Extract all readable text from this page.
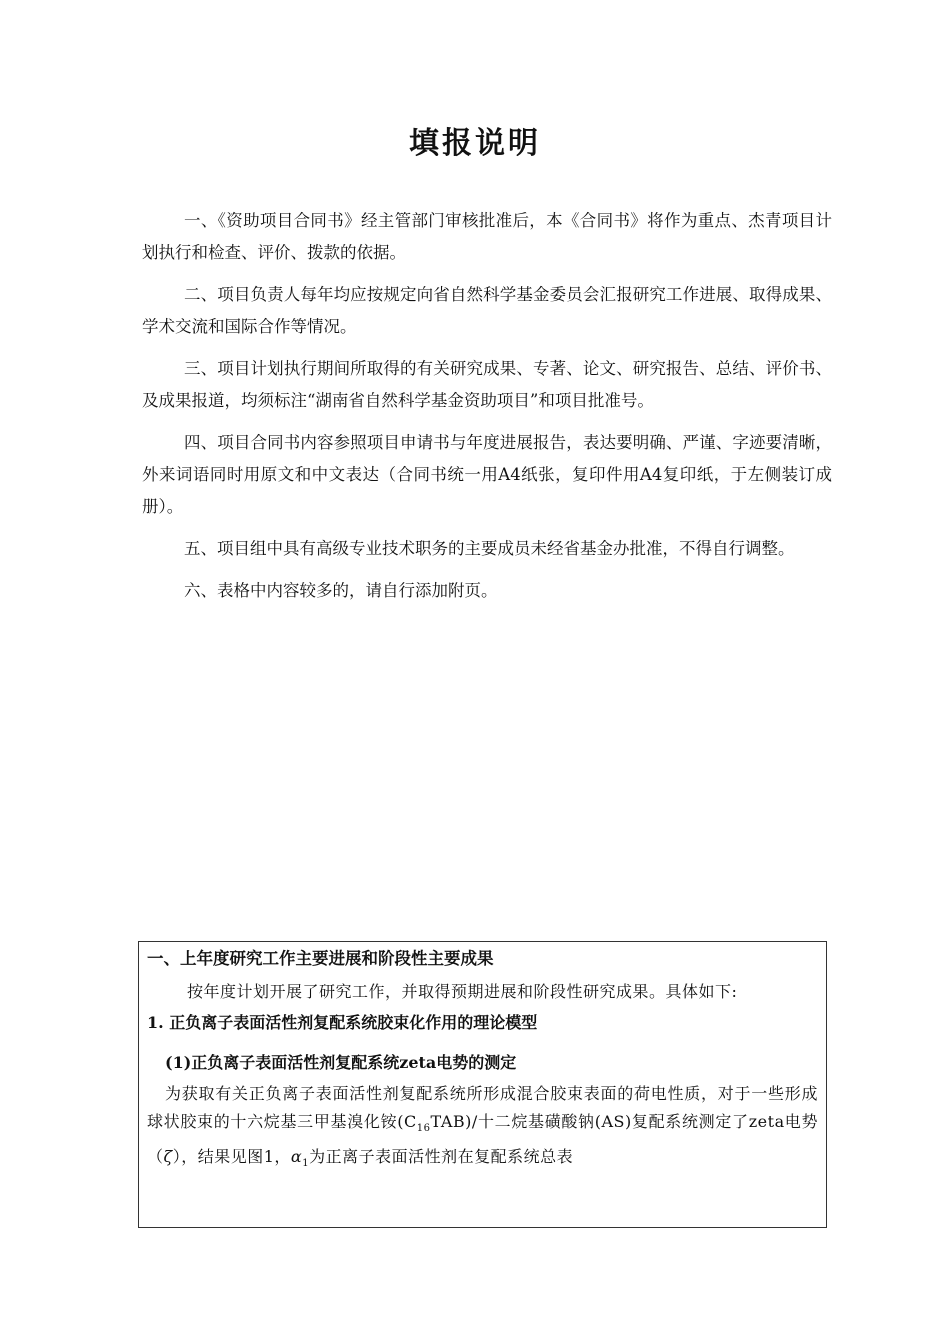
填报说明

一、《资助项目合同书》经主管部门审核批准后，本《合同书》将作为重点、杰青项目计划执行和检查、评价、拨款的依据。

二、项目负责人每年均应按规定向省自然科学基金委员会汇报研究工作进展、取得成果、学术交流和国际合作等情况。

三、项目计划执行期间所取得的有关研究成果、专著、论文、研究报告、总结、评价书、及成果报道，均须标注“湖南省自然科学基金资助项目”和项目批准号。

四、项目合同书内容参照项目申请书与年度进展报告，表达要明确、严谨、字迹要清晰，外来词语同时用原文和中文表达（合同书统一用A4纸张，复印件用A4复印纸，于左侧装订成册）。

五、项目组中具有高级专业技术职务的主要成员未经省基金办批准，不得自行调整。

六、表格中内容较多的，请自行添加附页。

一、上年度研究工作主要进展和阶段性主要成果

按年度计划开展了研究工作，并取得预期进展和阶段性研究成果。具体如下:

1. 正负离子表面活性剂复配系统胶束化作用的理论模型

(1)正负离子表面活性剂复配系统zeta电势的测定

为获取有关正负离子表面活性剂复配系统所形成混合胶束表面的荷电性质，对于一些形成球状胶束的十六烷基三甲基溴化铵$(C_{16}TAB)/$十二烷基磺酸钠(AS)复配系统测定了zeta电势（ζ），结果见图1，$\alpha_1$为正离子表面活性剂在复配系统总表
